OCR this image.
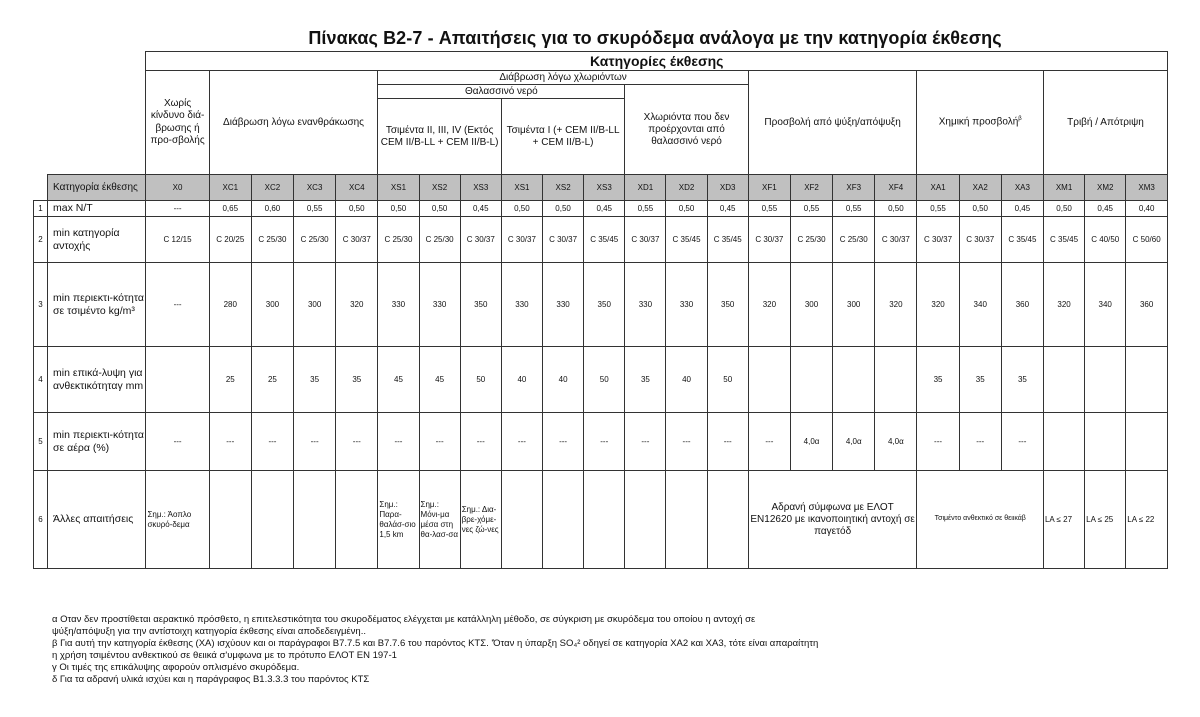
Πίνακας B2-7 - Απαιτήσεις για το σκυρόδεμα ανάλογα με την κατηγορία έκθεσης
		Κατηγορίες έκθεσης																							
		Χωρίς κίνδυνο διά-βρωσης ή προ-σβολής	Διάβρωση λόγω ενανθράκωσης				Διάβρωση λόγω χλωριόντων									Προσβολή από ψύξη/απόψυξη				Χημική προσβολή$^\beta$			Τριβή / Απότριψη		
							Θαλασσινό νερό						Χλωριόντα που δεν προέρχονται από θαλασσινό νερό												
							Τσιμέντα II, III, IV (Εκτός CEM II/B-LL + CEM II/B-L)			Τσιμέντα I (+ CEM II/B-LL + CEM II/B-L)															

	Κατηγορία έκθεσης	X0	XC1	XC2	XC3	XC4	XS1	XS2	XS3	XS1	XS2	XS3	XD1	XD2	XD3	XF1	XF2	XF3	XF4	XA1	XA2	XA3	XM1	XM2	XM3
1	max N/T	---	0,65	0,60	0,55	0,50	0,50	0,50	0,45	0,50	0,50	0,45	0,55	0,50	0,45	0,55	0,55	0,55	0,50	0,55	0,50	0,45	0,50	0,45	0,40
2	min κατηγορία αντοχής	C 12/15	C 20/25	C 25/30	C 25/30	C 30/37	C 25/30	C 25/30	C 30/37	C 30/37	C 30/37	C 35/45	C 30/37	C 35/45	C 35/45	C 30/37	C 25/30	C 25/30	C 30/37	C 30/37	C 30/37	C 35/45	C 35/45	C 40/50	C 50/60
3	min περιεκτι-κότητα σε τσιμέντο kg/m³	---	280	300	300	320	330	330	350	330	330	350	330	330	350	320	300	300	320	320	340	360	320	340	360
4	min επικά-λυψη για ανθεκτικότηταγ mm		25	25	35	35	45	45	50	40	40	50	35	40	50					35	35	35			
5	min περιεκτι-κότητα σε αέρα (%)	---	---	---	---	---	---	---	---	---	---	---	---	---	---	---	4,0α	4,0α	4,0α	---	---	---			
6	Άλλες απαιτήσεις	Σημ.: Άοπλο σκυρό-δεμα					Σημ.: Παρα-θαλάσ-σιο 1,5 km	Σημ.: Μόνι-μα μέσα στη θα-λασ-σα	Σημ.: Δια-βρε-χόμε-νες ζώ-νες							Αδρανή σύμφωνα με ΕΛΟΤ EN12620 με ικανοποιητική αντοχή σε παγετόδ				Τσιμέντο ανθεκτικό σε θειικάβ			LA ≤ 27	LA ≤ 25	LA ≤ 22
α Οταν δεν προστίθεται αερακτικό πρόσθετο, η επιτελεστικότητα του σκυροδέματος ελέγχεται με κατάλληλη μέθοδο, σε σύγκριση με σκυρόδεμα του οποίου η αντοχή σε
ψύξη/απόψυξη για την αντίστοιχη κατηγορία έκθεσης είναι αποδεδειγμένη..
β Για αυτή την κατηγορία έκθεσης (ΧΑ) ισχύουν και οι παράγραφοι Β7.7.5 και Β7.7.6 του παρόντος ΚΤΣ. 'Όταν η ύπαρξη SO₄² οδηγεί σε κατηγορία ΧΑ2 και ΧΑ3, τότε είναι απαραίτητη
η χρήση τσιμέντου ανθεκτικού σε θειικά σ'υμφωνα με το πρότυπο ΕΛΟΤ ΕΝ 197-1
γ Οι τιμές της επικάλυψης αφορούν οπλισμένο σκυρόδεμα.
δ Για τα αδρανή υλικά ισχύει και η παράγραφος Β1.3.3.3 του παρόντος ΚΤΣ
